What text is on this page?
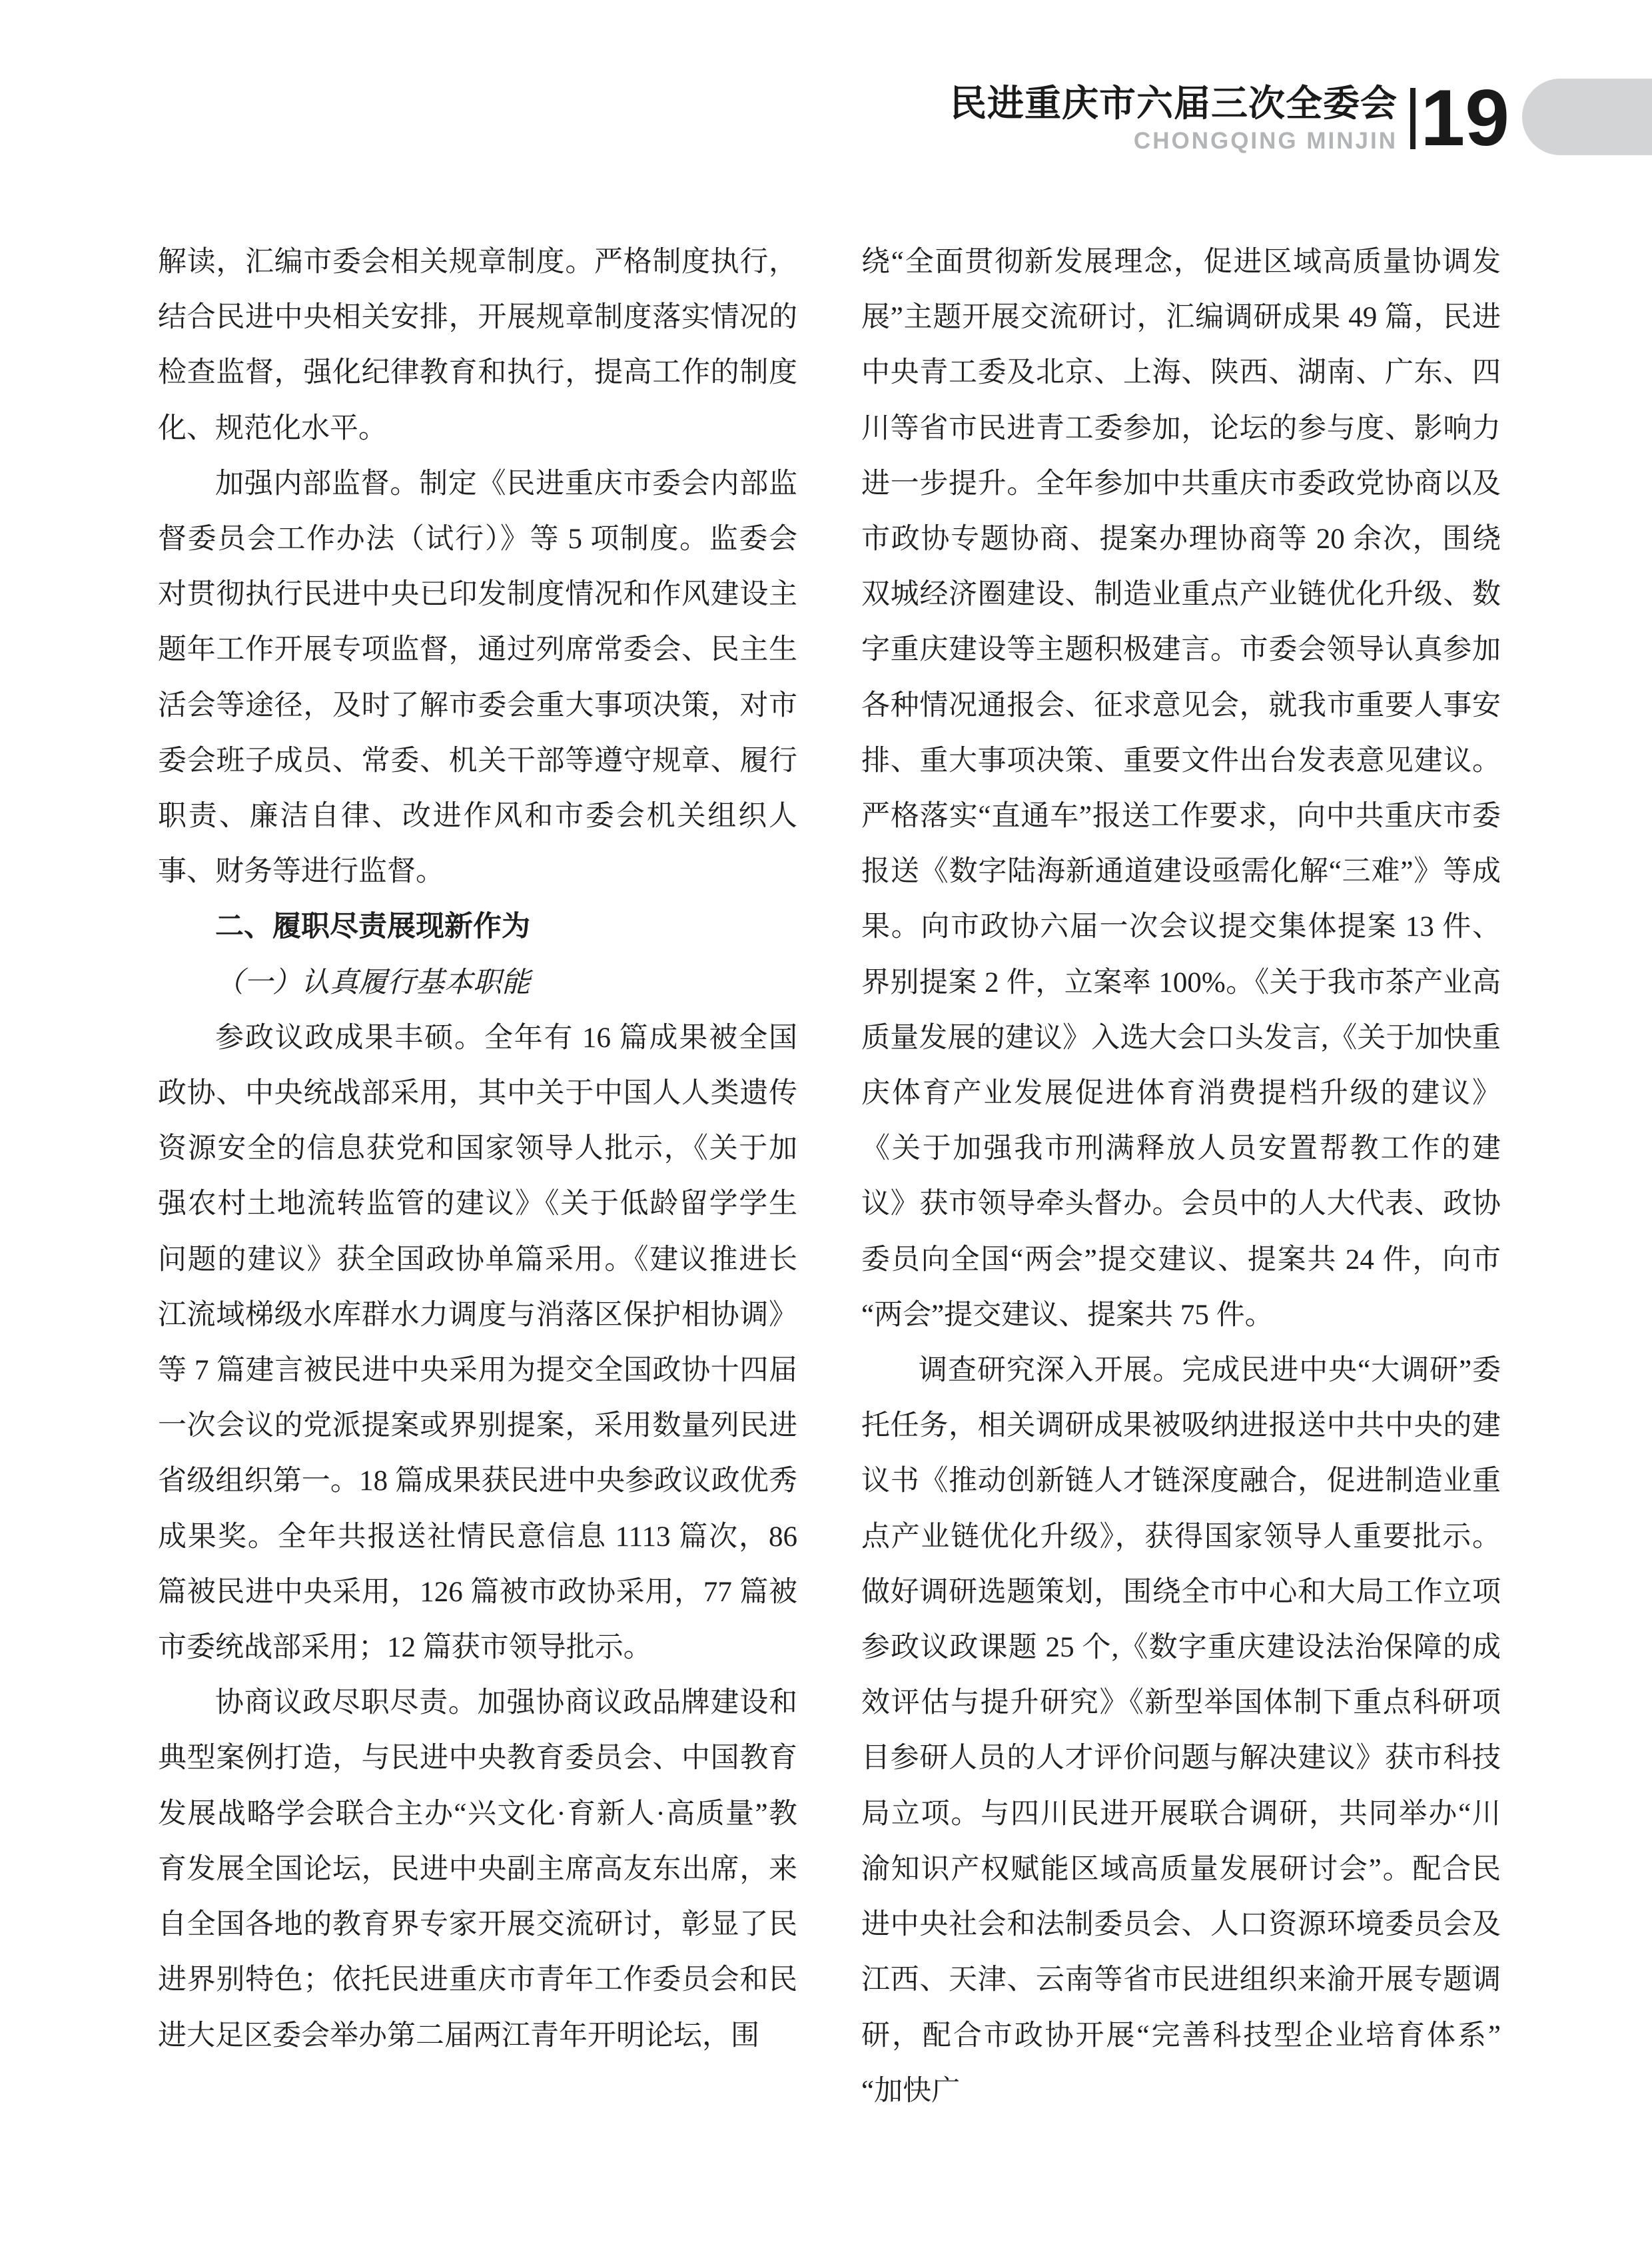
民进重庆市六届三次全委会
CHONGQING MINJIN 19

解读，汇编市委会相关规章制度。严格制度执行，结合民进中央相关安排，开展规章制度落实情况的检查监督，强化纪律教育和执行，提高工作的制度化、规范化水平。

加强内部监督。制定《民进重庆市委会内部监督委员会工作办法（试行）》等 5 项制度。监委会对贯彻执行民进中央已印发制度情况和作风建设主题年工作开展专项监督，通过列席常委会、民主生活会等途径，及时了解市委会重大事项决策，对市委会班子成员、常委、机关干部等遵守规章、履行职责、廉洁自律、改进作风和市委会机关组织人事、财务等进行监督。

二、履职尽责展现新作为

（一）认真履行基本职能

参政议政成果丰硕。全年有 16 篇成果被全国政协、中央统战部采用，其中关于中国人人类遗传资源安全的信息获党和国家领导人批示，《关于加强农村土地流转监管的建议》《关于低龄留学学生问题的建议》获全国政协单篇采用。《建议推进长江流域梯级水库群水力调度与消落区保护相协调》等 7 篇建言被民进中央采用为提交全国政协十四届一次会议的党派提案或界别提案，采用数量列民进省级组织第一。18 篇成果获民进中央参政议政优秀成果奖。全年共报送社情民意信息 1113 篇次，86 篇被民进中央采用，126 篇被市政协采用，77 篇被市委统战部采用；12 篇获市领导批示。

协商议政尽职尽责。加强协商议政品牌建设和典型案例打造，与民进中央教育委员会、中国教育发展战略学会联合主办“兴文化·育新人·高质量”教育发展全国论坛，民进中央副主席高友东出席，来自全国各地的教育界专家开展交流研讨，彰显了民进界别特色；依托民进重庆市青年工作委员会和民进大足区委会举办第二届两江青年开明论坛，围

绕“全面贯彻新发展理念，促进区域高质量协调发展”主题开展交流研讨，汇编调研成果 49 篇，民进中央青工委及北京、上海、陕西、湖南、广东、四川等省市民进青工委参加，论坛的参与度、影响力进一步提升。全年参加中共重庆市委政党协商以及市政协专题协商、提案办理协商等 20 余次，围绕双城经济圈建设、制造业重点产业链优化升级、数字重庆建设等主题积极建言。市委会领导认真参加各种情况通报会、征求意见会，就我市重要人事安排、重大事项决策、重要文件出台发表意见建议。严格落实“直通车”报送工作要求，向中共重庆市委报送《数字陆海新通道建设亟需化解“三难”》等成果。向市政协六届一次会议提交集体提案 13 件、界别提案 2 件，立案率 100%。《关于我市茶产业高质量发展的建议》入选大会口头发言,《关于加快重庆体育产业发展促进体育消费提档升级的建议》《关于加强我市刑满释放人员安置帮教工作的建议》获市领导牵头督办。会员中的人大代表、政协委员向全国“两会”提交建议、提案共 24 件，向市“两会”提交建议、提案共 75 件。

调查研究深入开展。完成民进中央“大调研”委托任务，相关调研成果被吸纳进报送中共中央的建议书《推动创新链人才链深度融合，促进制造业重点产业链优化升级》，获得国家领导人重要批示。做好调研选题策划，围绕全市中心和大局工作立项参政议政课题 25 个,《数字重庆建设法治保障的成效评估与提升研究》《新型举国体制下重点科研项目参研人员的人才评价问题与解决建议》获市科技局立项。与四川民进开展联合调研，共同举办“川渝知识产权赋能区域高质量发展研讨会”。配合民进中央社会和法制委员会、人口资源环境委员会及江西、天津、云南等省市民进组织来渝开展专题调研，配合市政协开展“完善科技型企业培育体系”“加快广
